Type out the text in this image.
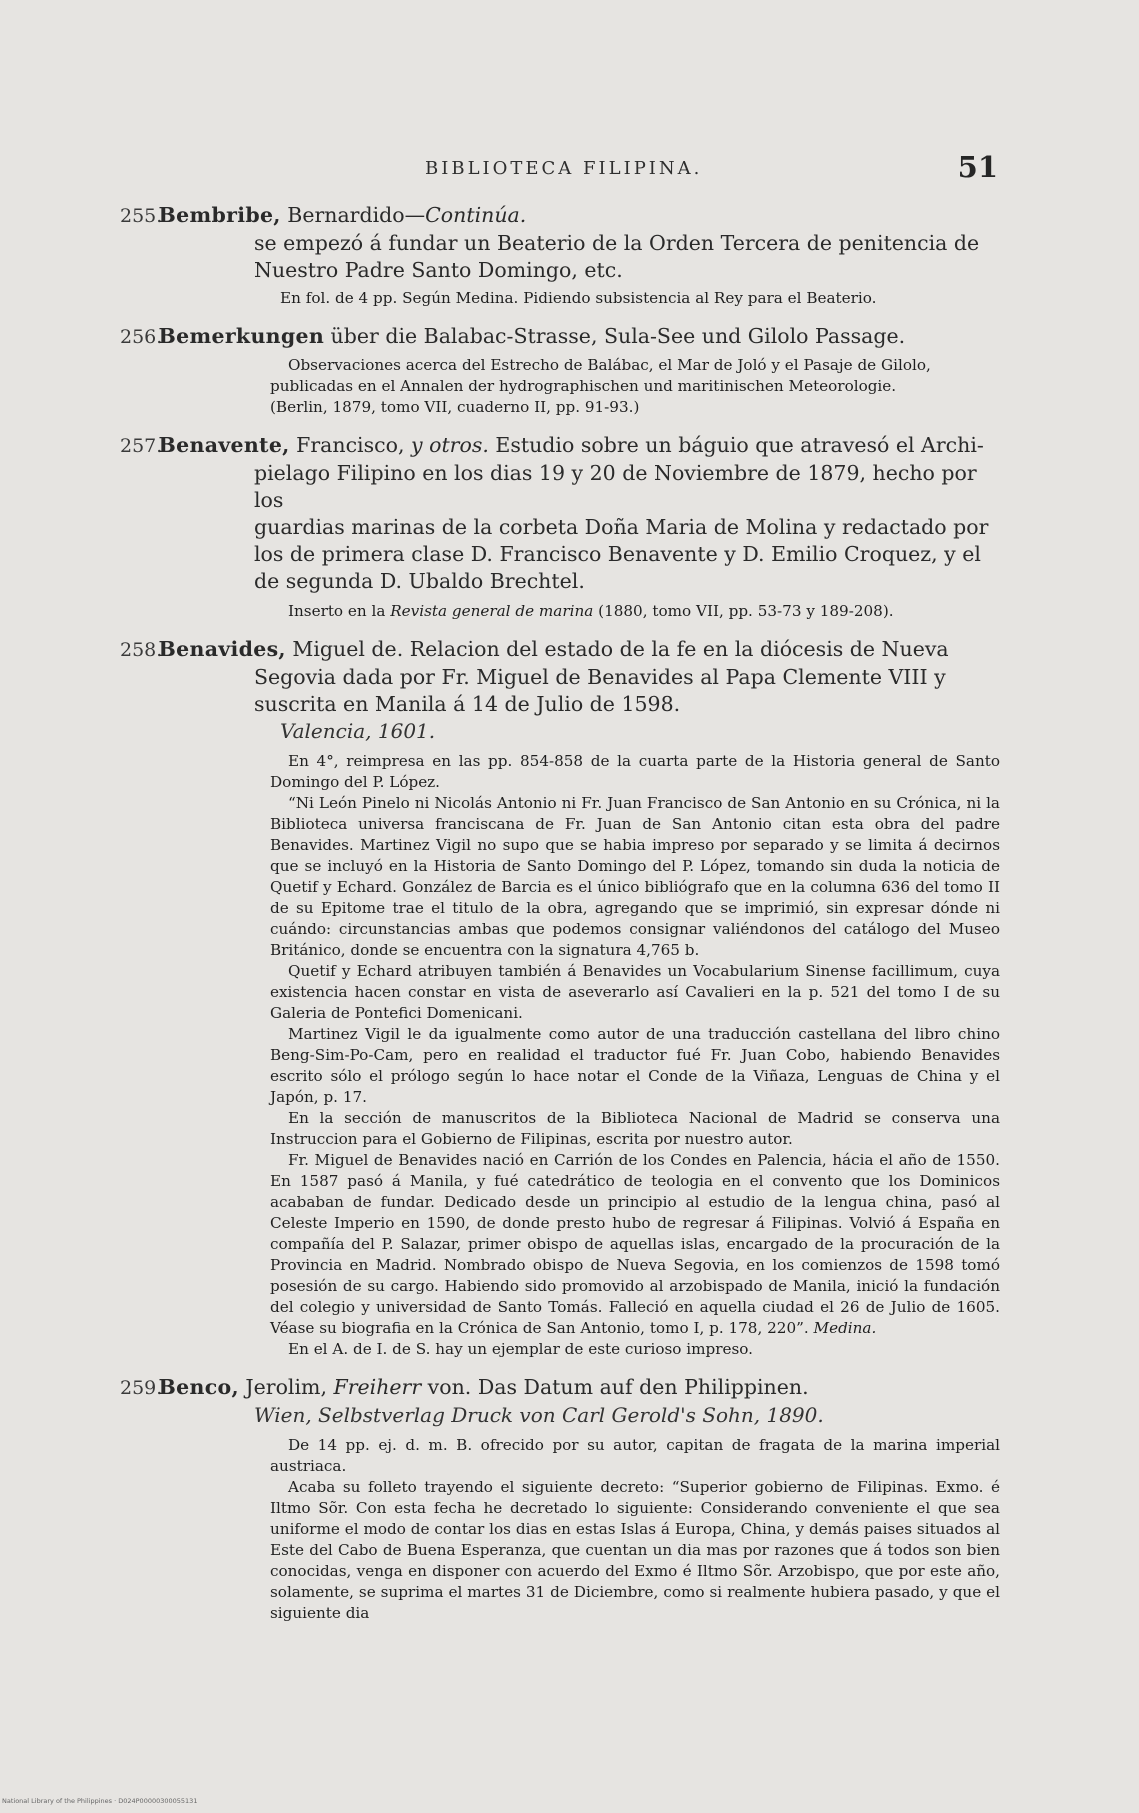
BIBLIOTECA FILIPINA.	51
255. Bembribe, Bernardido—Continúa.
se empezó á fundar un Beaterio de la Orden Tercera de penitencia de
Nuestro Padre Santo Domingo, etc.
En fol. de 4 pp. Según Medina. Pidiendo subsistencia al Rey para el Beaterio.
256. Bemerkungen über die Balabac-Strasse, Sula-See und Gilolo Passage.

Observaciones acerca del Estrecho de Balábac, el Mar de Joló y el Pasaje de Gilolo,

publicadas en el Annalen der hydrographischen und maritinischen Meteorologie.

(Berlin, 1879, tomo VII, cuaderno II, pp. 91-93.)

257. Benavente, Francisco, y otros. Estudio sobre un báguio que atravesó el Archi-
pielago Filipino en los dias 19 y 20 de Noviembre de 1879, hecho por los
guardias marinas de la corbeta Doña Maria de Molina y redactado por
los de primera clase D. Francisco Benavente y D. Emilio Croquez, y el
de segunda D. Ubaldo Brechtel.
Inserto en la Revista general de marina (1880, tomo VII, pp. 53-73 y 189-208).
258. Benavides, Miguel de. Relacion del estado de la fe en la diócesis de Nueva
Segovia dada por Fr. Miguel de Benavides al Papa Clemente VIII y
suscrita en Manila á 14 de Julio de 1598.
Valencia, 1601.

En 4°, reimpresa en las pp. 854-858 de la cuarta parte de la Historia general de Santo Domingo del P. López.

“Ni León Pinelo ni Nicolás Antonio ni Fr. Juan Francisco de San Antonio en su Crónica, ni la Biblioteca universa franciscana de Fr. Juan de San Antonio citan esta obra del padre Benavides. Martinez Vigil no supo que se habia impreso por separado y se limita á decirnos que se incluyó en la Historia de Santo Domingo del P. López, tomando sin duda la noticia de Quetif y Echard. González de Barcia es el único bibliógrafo que en la columna 636 del tomo II de su Epitome trae el titulo de la obra, agregando que se imprimió, sin expresar dónde ni cuándo: circunstancias ambas que podemos consignar valiéndonos del catálogo del Museo Británico, donde se encuentra con la signatura 4,765 b.

Quetif y Echard atribuyen también á Benavides un Vocabularium Sinense facillimum, cuya existencia hacen constar en vista de aseverarlo así Cavalieri en la p. 521 del tomo I de su Galeria de Pontefici Domenicani.

Martinez Vigil le da igualmente como autor de una traducción castellana del libro chino Beng-Sim-Po-Cam, pero en realidad el traductor fué Fr. Juan Cobo, habiendo Benavides escrito sólo el prólogo según lo hace notar el Conde de la Viñaza, Lenguas de China y el Japón, p. 17.

En la sección de manuscritos de la Biblioteca Nacional de Madrid se conserva una Instruccion para el Gobierno de Filipinas, escrita por nuestro autor.

Fr. Miguel de Benavides nació en Carrión de los Condes en Palencia, hácia el año de 1550. En 1587 pasó á Manila, y fué catedrático de teologia en el convento que los Dominicos acababan de fundar. Dedicado desde un principio al estudio de la lengua china, pasó al Celeste Imperio en 1590, de donde presto hubo de regresar á Filipinas. Volvió á España en compañía del P. Salazar, primer obispo de aquellas islas, encargado de la procuración de la Provincia en Madrid. Nombrado obispo de Nueva Segovia, en los comienzos de 1598 tomó posesión de su cargo. Habiendo sido promovido al arzobispado de Manila, inició la fundación del colegio y universidad de Santo Tomás. Falleció en aquella ciudad el 26 de Julio de 1605. Véase su biografia en la Crónica de San Antonio, tomo I, p. 178, 220”. Medina.

En el A. de I. de S. hay un ejemplar de este curioso impreso.

259. Benco, Jerolim, Freiherr von. Das Datum auf den Philippinen.
Wien, Selbstverlag Druck von Carl Gerold's Sohn, 1890.

De 14 pp. ej. d. m. B. ofrecido por su autor, capitan de fragata de la marina imperial austriaca.

Acaba su folleto trayendo el siguiente decreto: “Superior gobierno de Filipinas. Exmo. é Iltmo Sõr. Con esta fecha he decretado lo siguiente: Considerando conveniente el que sea uniforme el modo de contar los dias en estas Islas á Europa, China, y demás paises situados al Este del Cabo de Buena Esperanza, que cuentan un dia mas por razones que á todos son bien conocidas, venga en disponer con acuerdo del Exmo é Iltmo Sõr. Arzobispo, que por este año, solamente, se suprima el martes 31 de Diciembre, como si realmente hubiera pasado, y que el siguiente dia

National Library of the Philippines · D024P00000300055131
